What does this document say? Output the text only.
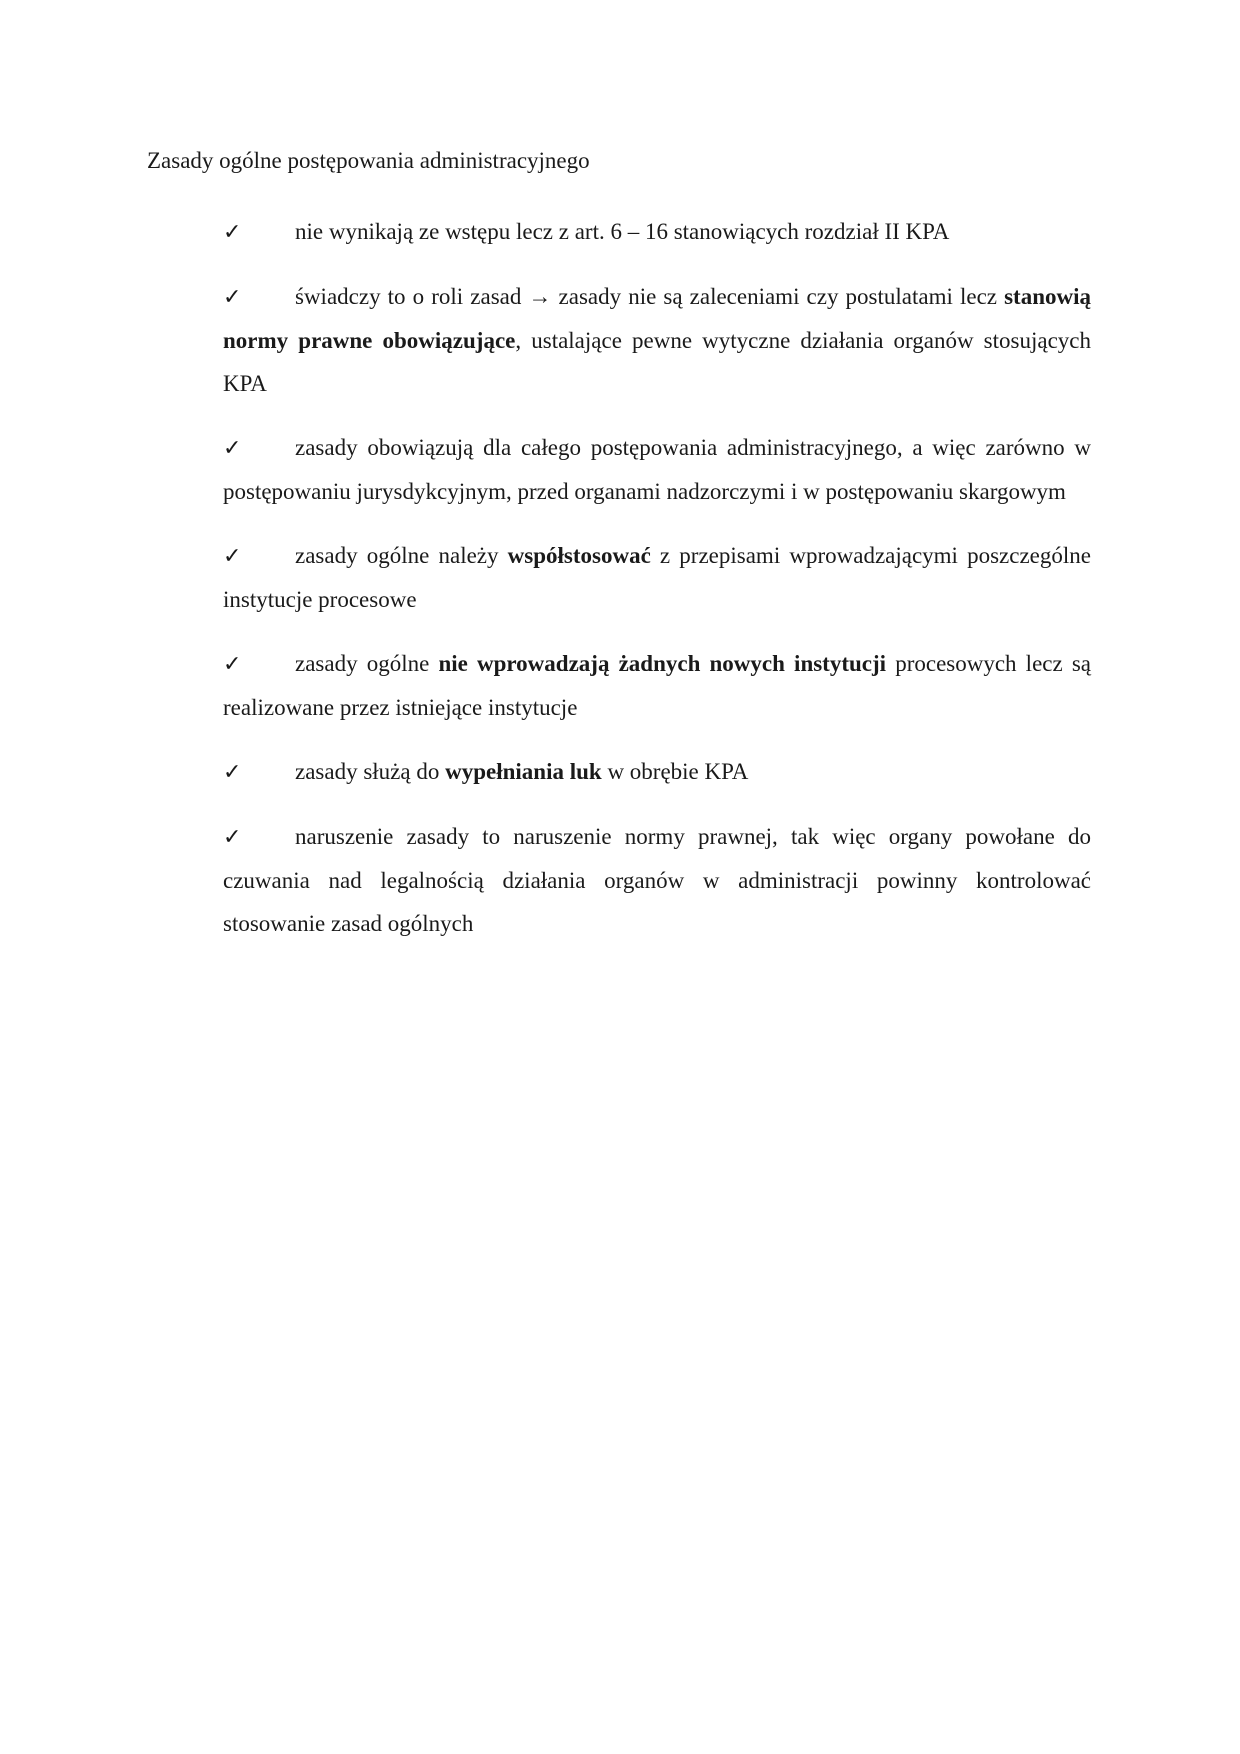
Zasady ogólne postępowania administracyjnego

✓ nie wynikają ze wstępu lecz z art. 6 – 16 stanowiących rozdział II KPA

✓ świadczy to o roli zasad → zasady nie są zaleceniami czy postulatami lecz stanowią normy prawne obowiązujące, ustalające pewne wytyczne działania organów stosujących KPA

✓ zasady obowiązują dla całego postępowania administracyjnego, a więc zarówno w postępowaniu jurysdykcyjnym, przed organami nadzorczymi i w postępowaniu skargowym

✓ zasady ogólne należy współstosować z przepisami wprowadzającymi poszczególne instytucje procesowe

✓ zasady ogólne nie wprowadzają żadnych nowych instytucji procesowych lecz są realizowane przez istniejące instytucje

✓ zasady służą do wypełniania luk w obrębie KPA

✓ naruszenie zasady to naruszenie normy prawnej, tak więc organy powołane do czuwania nad legalnością działania organów w administracji powinny kontrolować stosowanie zasad ogólnych
